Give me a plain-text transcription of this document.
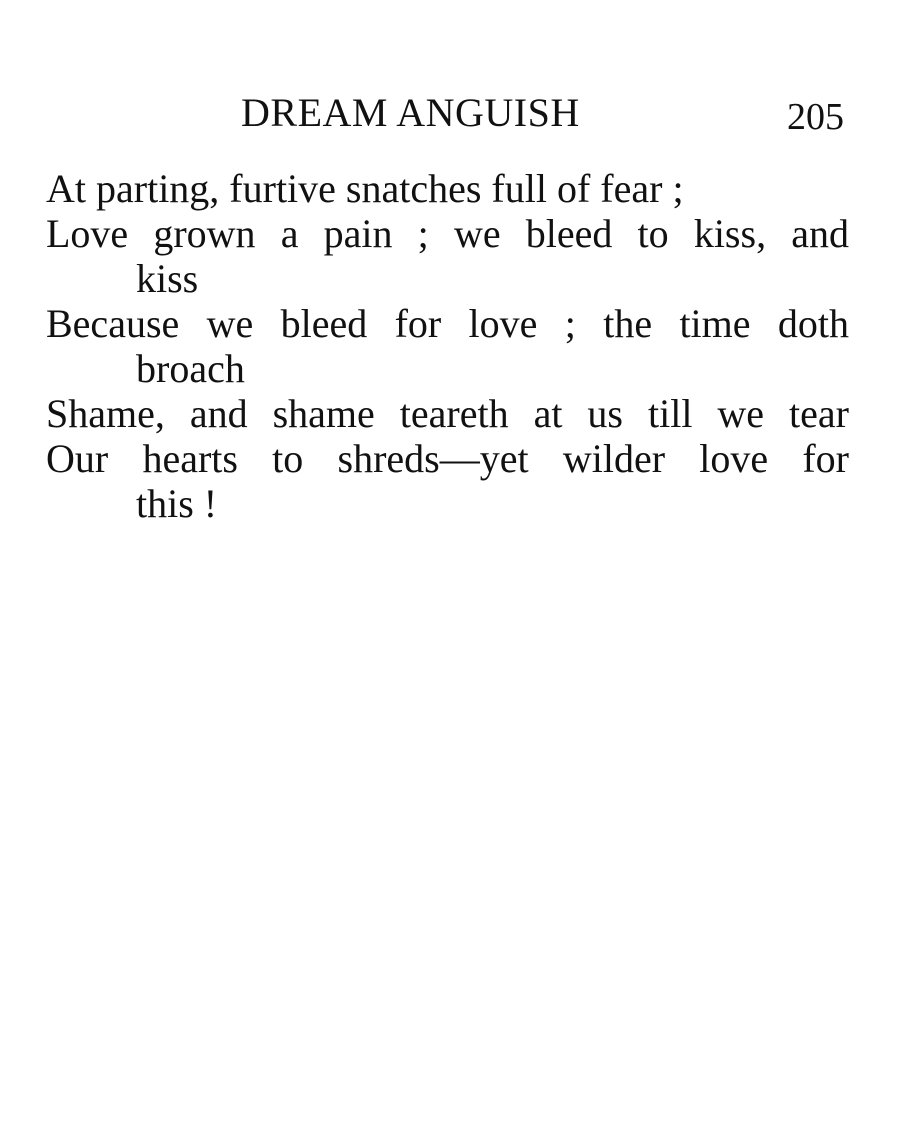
DREAM ANGUISH	205
At parting, furtive snatches full of fear ;
Love grown a pain ; we bleed to kiss, and
kiss
Because we bleed for love ; the time doth
broach
Shame, and shame teareth at us till we tear
Our hearts to shreds—yet wilder love for
this !
